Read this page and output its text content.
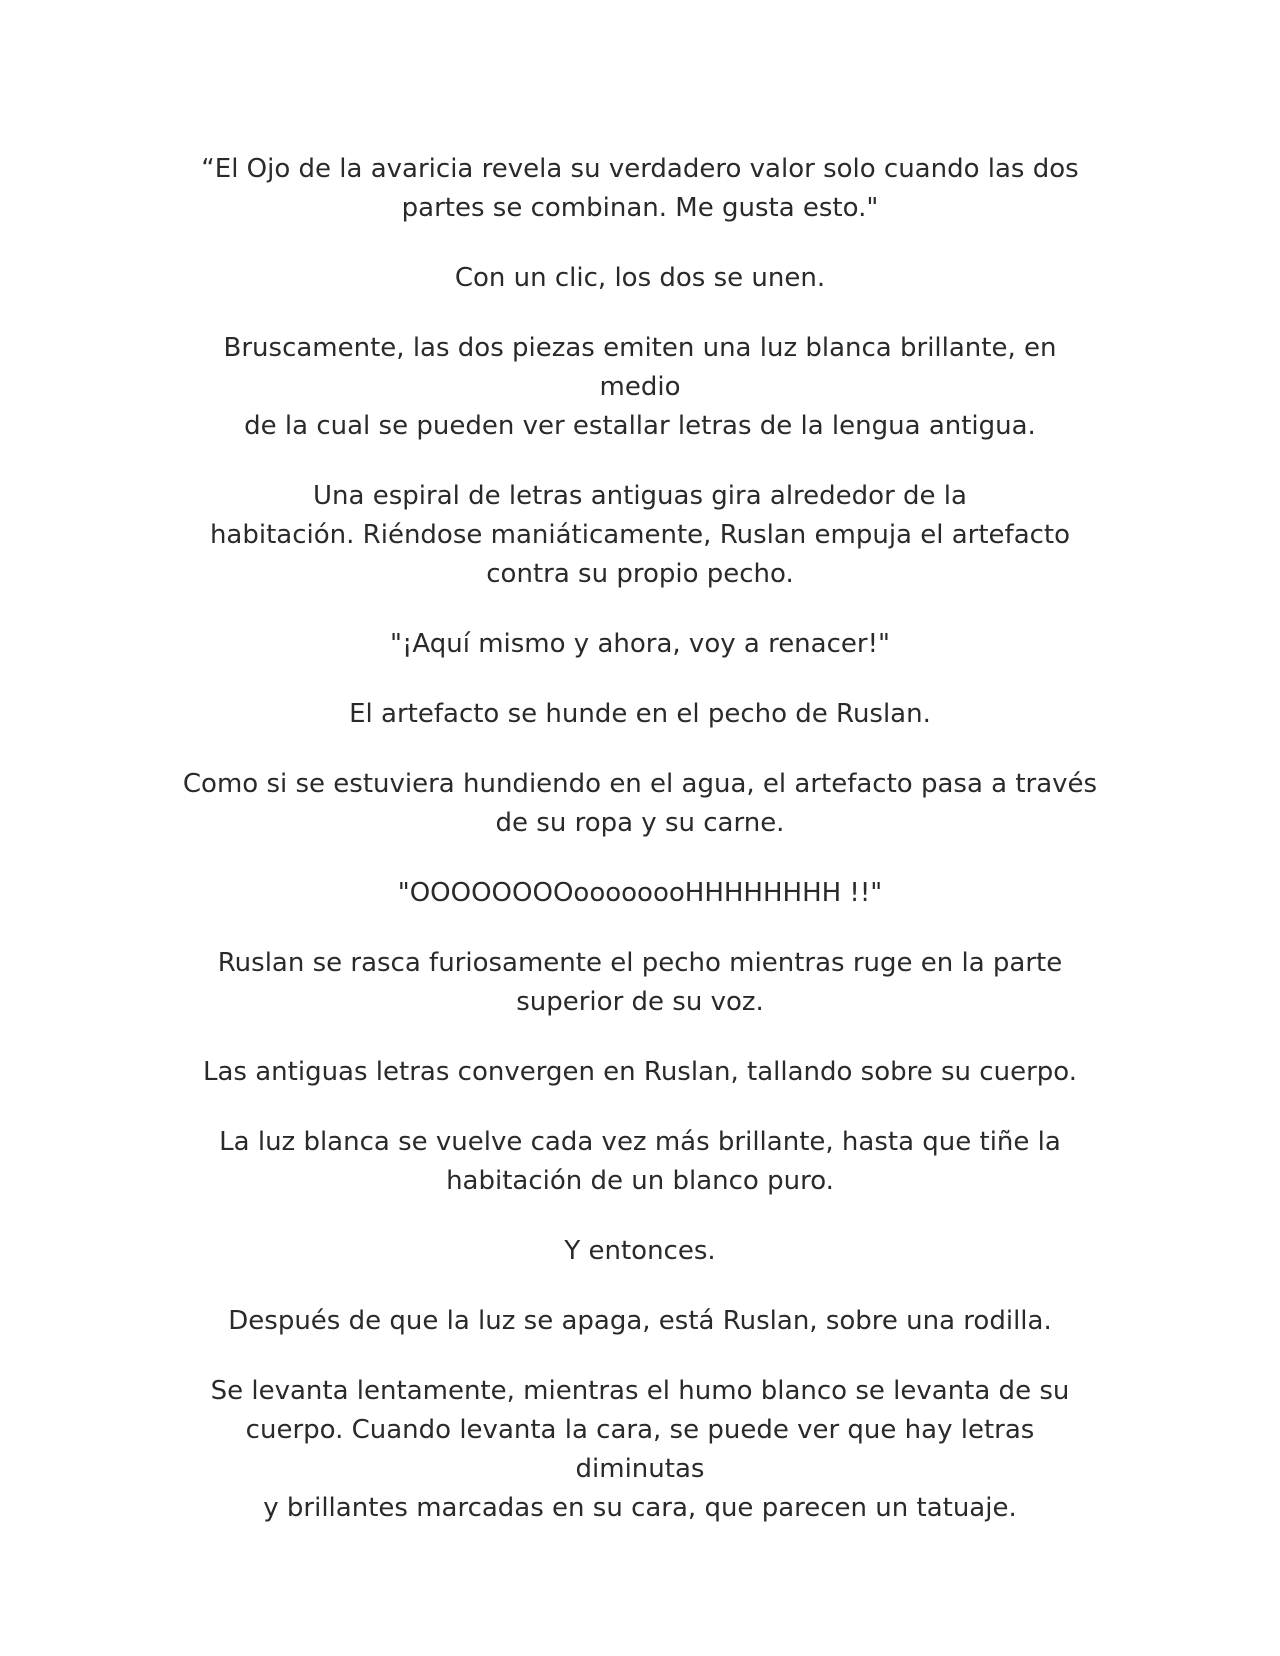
“El Ojo de la avaricia revela su verdadero valor solo cuando las dos
partes se combinan. Me gusta esto."

Con un clic, los dos se unen.

Bruscamente, las dos piezas emiten una luz blanca brillante, en medio
de la cual se pueden ver estallar letras de la lengua antigua.

Una espiral de letras antiguas gira alrededor de la
habitación. Riéndose maniáticamente, Ruslan empuja el artefacto
contra su propio pecho.

"¡Aquí mismo y ahora, voy a renacer!"

El artefacto se hunde en el pecho de Ruslan.

Como si se estuviera hundiendo en el agua, el artefacto pasa a través
de su ropa y su carne.

"OOOOOOOOoooooooHHHHHHHH !!"

Ruslan se rasca furiosamente el pecho mientras ruge en la parte
superior de su voz.

Las antiguas letras convergen en Ruslan, tallando sobre su cuerpo.

La luz blanca se vuelve cada vez más brillante, hasta que tiñe la
habitación de un blanco puro.

Y entonces.

Después de que la luz se apaga, está Ruslan, sobre una rodilla.

Se levanta lentamente, mientras el humo blanco se levanta de su
cuerpo. Cuando levanta la cara, se puede ver que hay letras diminutas
y brillantes marcadas en su cara, que parecen un tatuaje.
